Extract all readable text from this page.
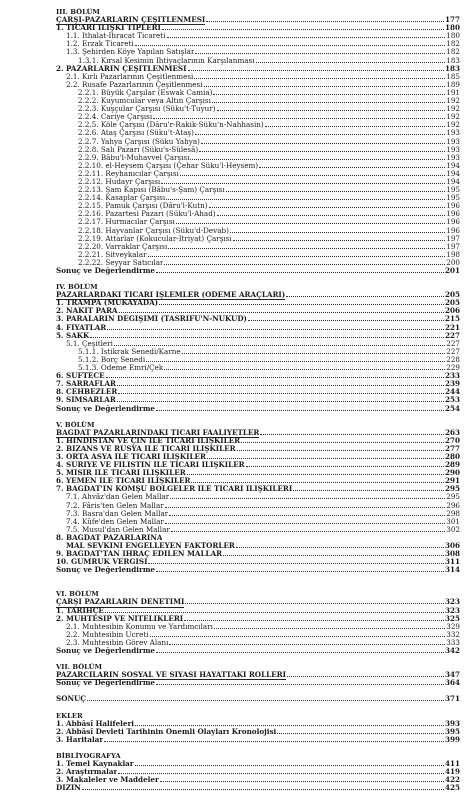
III. BÖLÜM
ÇARŞI-PAZARLARIN ÇEŞİTLENMESİ	177
1. TİCARİ İLİŞKİ TİPLERİ	180
1.1. İthalat-İhracat Ticareti	180
1.2. Erzak Ticareti	182
1.3. Şehirden Köye Yapılan Satışlar	182
1.3.1. Kırsal Kesimin İhtiyaçlarının Karşılanması	183
2. PAZARLARIN ÇEŞİTLENMESİ	183
2.1. Kırlı Pazarlarının Çeşitlenmesi	185
2.2. Rusafe Pazarlarının Çeşitlenmesi	189
2.2.1. Büyük Çarşılar (Eswak Camia)	191
2.2.2. Kuyumcular veya Altın Çarşısı	192
2.2.3. Kuşçular Çarşısı (Süku't-Tuyur)	192
2.2.4. Cariye Çarşısı	192
2.2.5. Köle Çarşısı (Dâru'r-Rakik-Süku'n-Nahhasin)	192
2.2.6. Ataş Çarşısı (Süku't-Ataş)	193
2.2.7. Yahya Çarşısı (Süku Yahya)	193
2.2.8. Salı Pazarı (Süku's-Sülesâ)	193
2.2.9. Bâbu'l-Muhavvel Çarşısı	193
2.2.10. el-Heysem Çarşısı (Çehar Süku'l-Heysem)	194
2.2.11. Reyhanıcılar Çarşısı	194
2.2.12. Hudayr Çarşısı	194
2.2.13. Şam Kapısı (Bâbu's-Şam) Çarşısı	195
2.2.14. Kasaplar Çarşısı	195
2.2.15. Pamuk Çarşısı (Dâru'l-Kutn)	196
2.2.16. Pazartesi Pazarı (Süku'l-Ahad)	196
2.2.17. Hurmacılar Çarşısı	196
2.2.18. Hayvanlar Çarşısı (Süku'd-Devab)	196
2.2.19. Attarlar (Kokucular-İtriyat) Çarşısı	197
2.2.20. Varraklar Çarşısı	197
2.2.21. Sitveykalar	198
2.2.22. Seyyar Satıcılar	200
Sonuç ve Değerlendirme	201
IV. BÖLÜM
PAZARLARDAKİ TİCARİ İŞLEMLER (ÖDEME ARAÇLARI)	205
1. TRAMPA (MUKAYADA)	205
2. NAKİT PARA	206
3. PARALARIN DEĞİŞİMİ (TASRÎFU'N-NUKÛD)	215
4. FİYATLAR	221
5. SAKK	227
5.1. Çeşitleri	227
5.1.1. İstikrak Senedi/Karne	227
5.1.2. Borç Senedi	228
5.1.3. Ödeme Emri/Çek	229
6. SÜFTECE	233
7. SARRAFLAR	239
8. CEHBEZLER	244
9. SİMSARLAR	253
Sonuç ve Değerlendirme	254
V. BÖLÜM
BAĞDAT PAZARLARINDAKİ TİCARİ FAALİYETLER	263
1. HİNDİSTAN VE ÇİN İLE TİCARİ İLİŞKİLER	270
2. BİZANS VE RUSYA İLE TİCARİ İLİŞKİLER	277
3. ORTA ASYA İLE TİCARİ İLİŞKİLER	280
4. SURİYE VE FİLİSTİN İLE TİCARİ İLİŞKİLER	289
5. MISIR İLE TİCARİ İLİŞKİLER	290
6. YEMEN İLE TİCARİ İLİŞKİLER	291
7. BAĞDAT'IN KOMŞU BÖLGELER İLE TİCARİ İLİŞKİLERİ	295
7.1. Ahvâz'dan Gelen Mallar	295
7.2. Fâris'ten Gelen Mallar	296
7.3. Basra'dan Gelen Mallar	298
7.4. Kûfe'den Gelen Mallar	301
7.5. Musul'dan Gelen Mallar	302
8. BAĞDAT PAZARLARINA
MAL SEVKİNİ ENGELLEYEN FAKTÖRLER	306
9. BAĞDAT'TAN İHRAÇ EDİLEN MALLAR	308
10. GÜMRÜK VERGİSİ	311
Sonuç ve Değerlendirme	314
VI. BÖLÜM
ÇARŞI PAZARLARIN DENETİMİ	323
1. TARİHÇE	323
2. MUHTESİP VE NİTELİKLERİ	325
2.1. Muhtesibin Konumu ve Yardımcıları	329
2.2. Muhtesibin Ücreti	332
2.3. Muhtesibin Görev Alanı	333
Sonuç ve Değerlendirme	342
VII. BÖLÜM
PAZARCILARIN SOSYAL VE SİYASİ HAYATTAKİ ROLLERİ	347
Sonuç ve Değerlendirme	364
SONUÇ	371
EKLER
1. Abbâsî Halifeleri	393
2. Abbâsî Devleti Tarihinin Önemli Olayları Kronolojisi	395
3. Haritalar	399
BİBLİYOGRAFYA
1. Temel Kaynaklar	411
2. Araştırmalar	419
3. Makaleler ve Maddeler	422
DİZİN	425
